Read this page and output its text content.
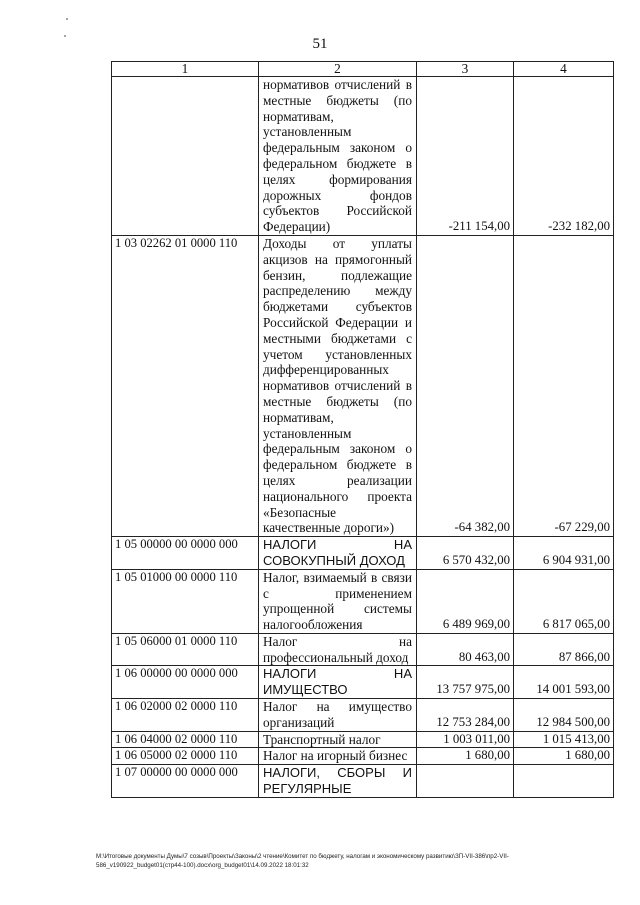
51
1	2	3	4
	нормативов отчислений в местные бюджеты (по нормативам, установленным федеральным законом о федеральном бюджете в целях формирования дорожных фондов субъектов Российской Федерации)	-211 154,00	-232 182,00
1 03 02262 01 0000 110	Доходы от уплаты акцизов на прямогонный бензин, подлежащие распределению между бюджетами субъектов Российской Федерации и местными бюджетами с учетом установленных дифференцированных нормативов отчислений в местные бюджеты (по нормативам, установленным федеральным законом о федеральном бюджете в целях реализации национального проекта «Безопасные качественные дороги»)	-64 382,00	-67 229,00
1 05 00000 00 0000 000	НАЛОГИ НА СОВОКУПНЫЙ ДОХОД	6 570 432,00	6 904 931,00
1 05 01000 00 0000 110	Налог, взимаемый в связи с применением упрощенной системы налогообложения	6 489 969,00	6 817 065,00
1 05 06000 01 0000 110	Налог на профессиональный доход	80 463,00	87 866,00
1 06 00000 00 0000 000	НАЛОГИ НА ИМУЩЕСТВО	13 757 975,00	14 001 593,00
1 06 02000 02 0000 110	Налог на имущество организаций	12 753 284,00	12 984 500,00
1 06 04000 02 0000 110	Транспортный налог	1 003 011,00	1 015 413,00
1 06 05000 02 0000 110	Налог на игорный бизнес	1 680,00	1 680,00
1 07 00000 00 0000 000	НАЛОГИ, СБОРЫ И РЕГУЛЯРНЫЕ		
M:\Итоговые документы Думы\7 созыв\Проекты\Законы\2 чтение\Комитет по бюджету, налогам и экономическому развитию\ЗП-VII-386\пр2-VII-
586_v190922_budget01(стр44-100).docx\org_budget01\14.09.2022 18:01:32
